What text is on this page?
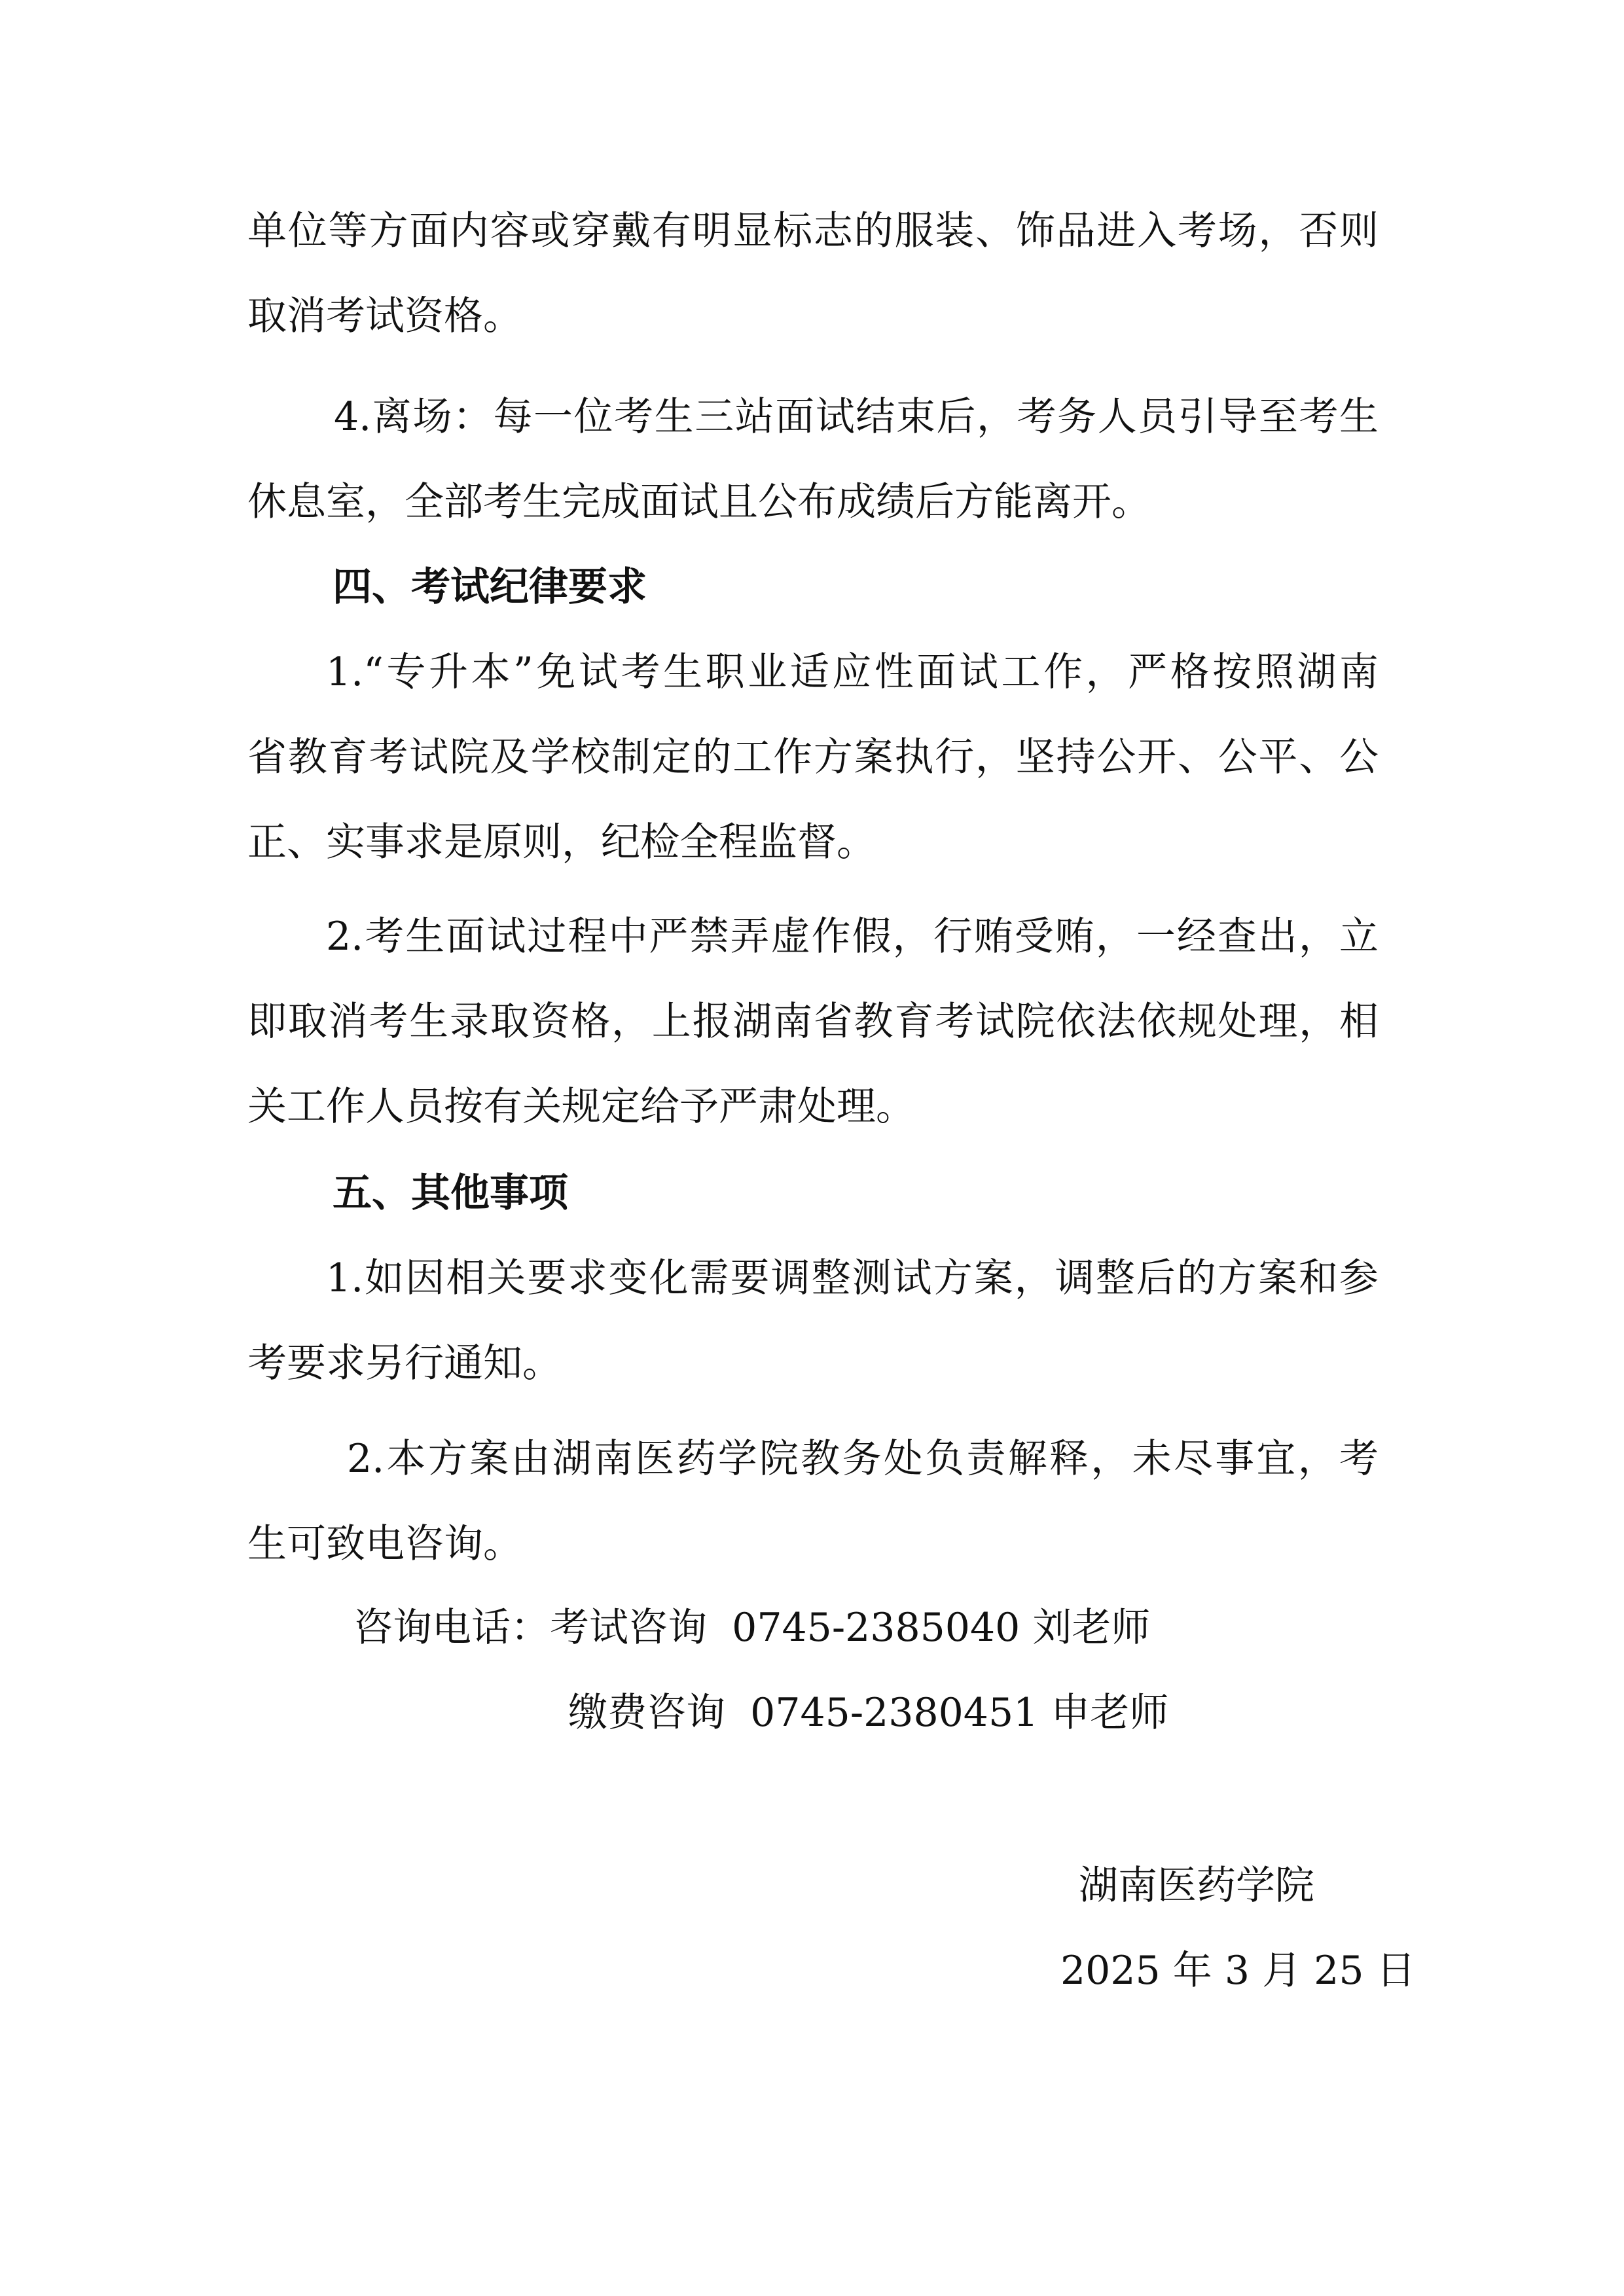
单位等方面内容或穿戴有明显标志的服装、饰品进入考场，否则
取消考试资格。
4.离场：每一位考生三站面试结束后，考务人员引导至考生
休息室，全部考生完成面试且公布成绩后方能离开。
四、考试纪律要求
1.“专升本”免试考生职业适应性面试工作，严格按照湖南
省教育考试院及学校制定的工作方案执行，坚持公开、公平、公
正、实事求是原则，纪检全程监督。
2.考生面试过程中严禁弄虚作假，行贿受贿，一经查出，立
即取消考生录取资格，上报湖南省教育考试院依法依规处理，相
关工作人员按有关规定给予严肃处理。
五、其他事项
1.如因相关要求变化需要调整测试方案，调整后的方案和参
考要求另行通知。
2.本方案由湖南医药学院教务处负责解释，未尽事宜，考
生可致电咨询。
咨询电话：考试咨询  0745-2385040 刘老师
缴费咨询  0745-2380451 申老师
湖南医药学院
2025 年 3 月 25 日
